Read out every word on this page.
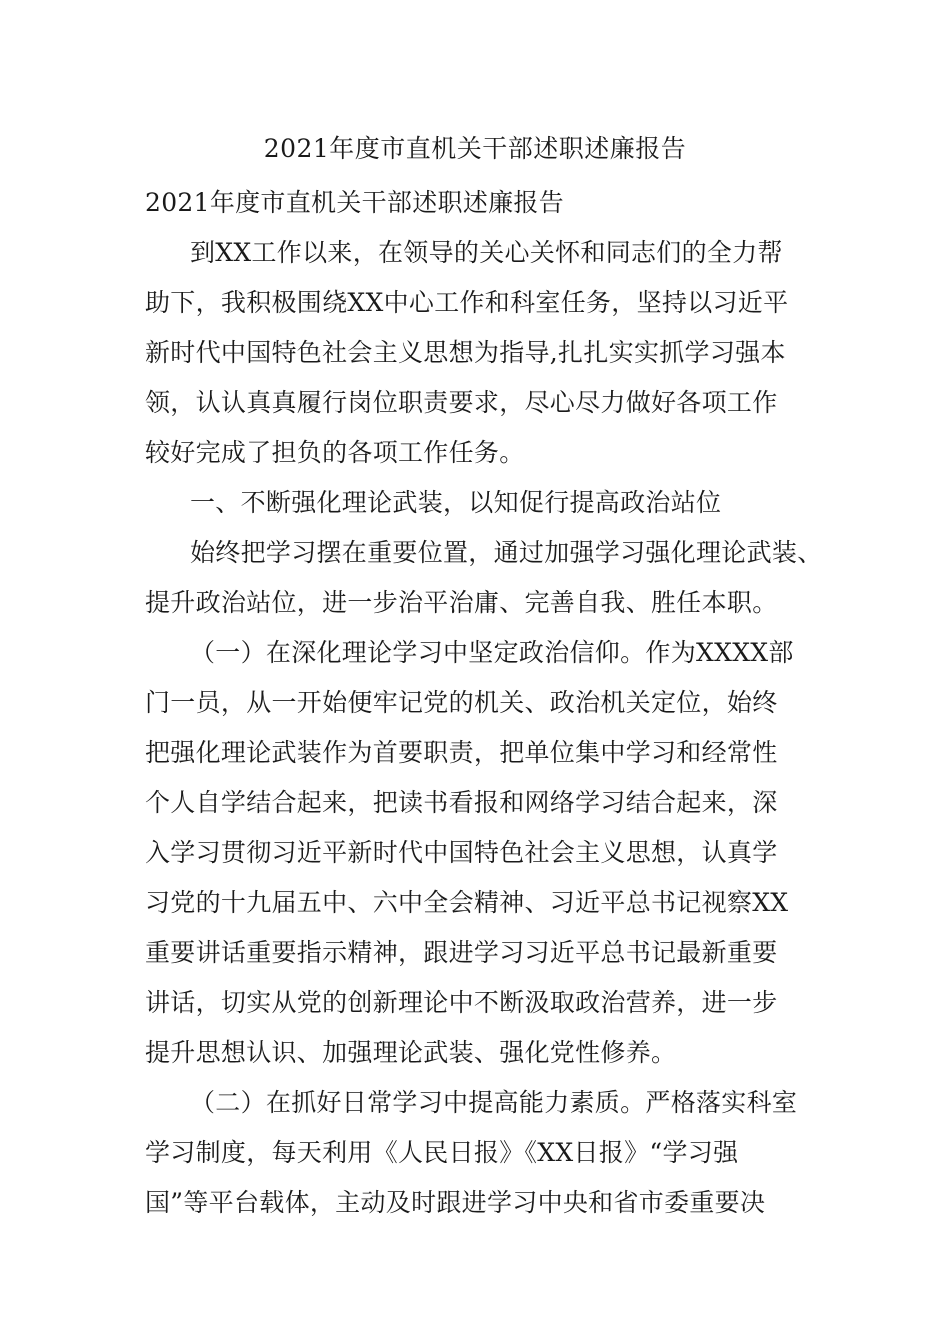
2021年度市直机关干部述职述廉报告
2021年度市直机关干部述职述廉报告
到XX工作以来，在领导的关心关怀和同志们的全力帮
助下，我积极围绕XX中心工作和科室任务，坚持以习近平
新时代中国特色社会主义思想为指导,扎扎实实抓学习强本
领，认认真真履行岗位职责要求，尽心尽力做好各项工作
较好完成了担负的各项工作任务。
一、不断强化理论武装，以知促行提高政治站位
始终把学习摆在重要位置，通过加强学习强化理论武装、
提升政治站位，进一步治平治庸、完善自我、胜任本职。
（一）在深化理论学习中坚定政治信仰。作为XXXX部
门一员，从一开始便牢记党的机关、政治机关定位，始终
把强化理论武装作为首要职责，把单位集中学习和经常性
个人自学结合起来，把读书看报和网络学习结合起来，深
入学习贯彻习近平新时代中国特色社会主义思想，认真学
习党的十九届五中、六中全会精神、习近平总书记视察XX
重要讲话重要指示精神，跟进学习习近平总书记最新重要
讲话，切实从党的创新理论中不断汲取政治营养，进一步
提升思想认识、加强理论武装、强化党性修养。
（二）在抓好日常学习中提高能力素质。严格落实科室
学习制度，每天利用《人民日报》《XX日报》“学习强
国”等平台载体，主动及时跟进学习中央和省市委重要决
